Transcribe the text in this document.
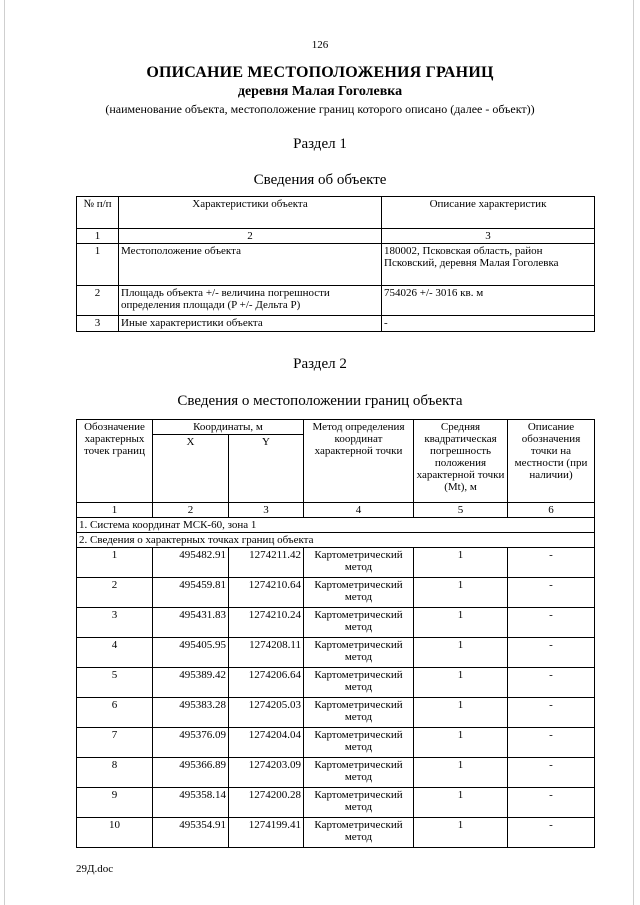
126
ОПИСАНИЕ МЕСТОПОЛОЖЕНИЯ ГРАНИЦ
деревня Малая Гоголевка
(наименование объекта, местоположение границ которого описано (далее - объект))
Раздел 1
Сведения об объекте
№ п/п	Характеристики объекта	Описание характеристик
1	2	3
1	Местоположение объекта	180002, Псковская область, район Псковский, деревня Малая Гоголевка
2	Площадь объекта +/- величина погрешности определения площади (P +/- Дельта P)	754026 +/- 3016 кв. м
3	Иные характеристики объекта	-
Раздел 2
Сведения о местоположении границ объекта
Обозначение характерных точек границ	Координаты, м		Метод определения координат характерной точки	Средняя квадратическая погрешность положения характерной точки (Mt), м	Описание обозначения точки на местности (при наличии)
	X	Y			
1	2	3	4	5	6
1. Система координат МСК-60, зона 1					
2. Сведения о характерных точках границ объекта					
1	495482.91	1274211.42	Картометрический метод	1	-
2	495459.81	1274210.64	Картометрический метод	1	-
3	495431.83	1274210.24	Картометрический метод	1	-
4	495405.95	1274208.11	Картометрический метод	1	-
5	495389.42	1274206.64	Картометрический метод	1	-
6	495383.28	1274205.03	Картометрический метод	1	-
7	495376.09	1274204.04	Картометрический метод	1	-
8	495366.89	1274203.09	Картометрический метод	1	-
9	495358.14	1274200.28	Картометрический метод	1	-
10	495354.91	1274199.41	Картометрический метод	1	-
29Д.doc
